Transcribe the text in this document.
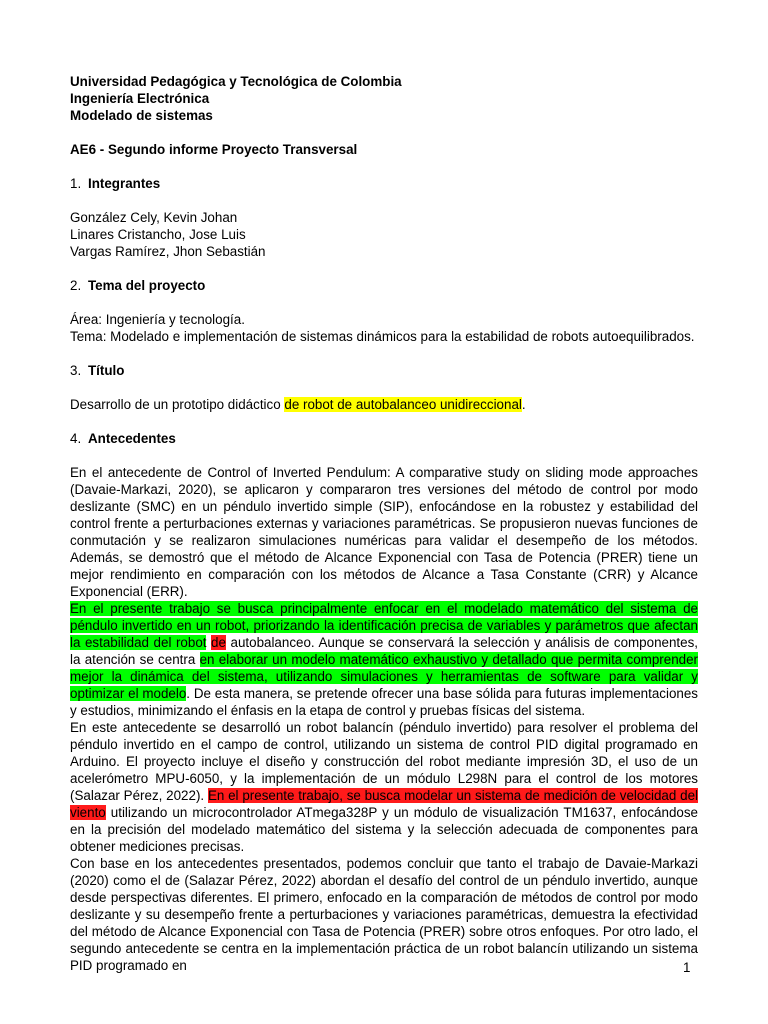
Universidad Pedagógica y Tecnológica de Colombia
Ingeniería Electrónica
Modelado de sistemas
AE6 - Segundo informe Proyecto Transversal
1. Integrantes
González Cely, Kevin Johan
Linares Cristancho, Jose Luis
Vargas Ramírez, Jhon Sebastián
2. Tema del proyecto
Área: Ingeniería y tecnología.
Tema: Modelado e implementación de sistemas dinámicos para la estabilidad de robots autoequilibrados.
3. Título
Desarrollo de un prototipo didáctico de robot de autobalanceo unidireccional.
4. Antecedentes
En el antecedente de Control of Inverted Pendulum: A comparative study on sliding mode approaches (Davaie-Markazi, 2020), se aplicaron y compararon tres versiones del método de control por modo deslizante (SMC) en un péndulo invertido simple (SIP), enfocándose en la robustez y estabilidad del control frente a perturbaciones externas y variaciones paramétricas. Se propusieron nuevas funciones de conmutación y se realizaron simulaciones numéricas para validar el desempeño de los métodos. Además, se demostró que el método de Alcance Exponencial con Tasa de Potencia (PRER) tiene un mejor rendimiento en comparación con los métodos de Alcance a Tasa Constante (CRR) y Alcance Exponencial (ERR).
En el presente trabajo se busca principalmente enfocar en el modelado matemático del sistema de péndulo invertido en un robot, priorizando la identificación precisa de variables y parámetros que afectan la estabilidad del robot de autobalanceo. Aunque se conservará la selección y análisis de componentes, la atención se centra en elaborar un modelo matemático exhaustivo y detallado que permita comprender mejor la dinámica del sistema, utilizando simulaciones y herramientas de software para validar y optimizar el modelo. De esta manera, se pretende ofrecer una base sólida para futuras implementaciones y estudios, minimizando el énfasis en la etapa de control y pruebas físicas del sistema.
En este antecedente se desarrolló un robot balancín (péndulo invertido) para resolver el problema del péndulo invertido en el campo de control, utilizando un sistema de control PID digital programado en Arduino. El proyecto incluye el diseño y construcción del robot mediante impresión 3D, el uso de un acelerómetro MPU-6050, y la implementación de un módulo L298N para el control de los motores (Salazar Pérez, 2022). En el presente trabajo, se busca modelar un sistema de medición de velocidad del viento utilizando un microcontrolador ATmega328P y un módulo de visualización TM1637, enfocándose en la precisión del modelado matemático del sistema y la selección adecuada de componentes para obtener mediciones precisas.
Con base en los antecedentes presentados, podemos concluir que tanto el trabajo de Davaie-Markazi (2020) como el de (Salazar Pérez, 2022) abordan el desafío del control de un péndulo invertido, aunque desde perspectivas diferentes. El primero, enfocado en la comparación de métodos de control por modo deslizante y su desempeño frente a perturbaciones y variaciones paramétricas, demuestra la efectividad del método de Alcance Exponencial con Tasa de Potencia (PRER) sobre otros enfoques. Por otro lado, el segundo antecedente se centra en la implementación práctica de un robot balancín utilizando un sistema PID programado en	1
